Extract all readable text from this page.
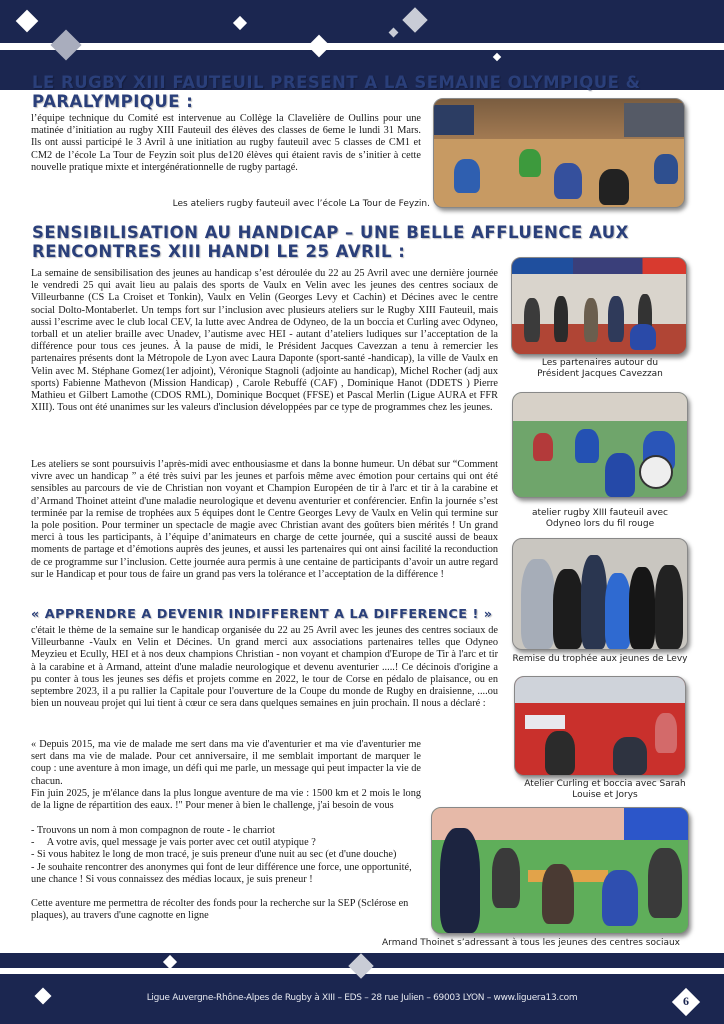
LE RUGBY XIII FAUTEUIL PRESENT A LA SEMAINE OLYMPIQUE &
PARALYMPIQUE :

l’équipe technique du Comité est intervenue au Collège la Clavelière de Oullins pour une matinée d’initiation au rugby XIII Fauteuil des élèves des classes de 6eme le lundi 31 Mars. Ils ont aussi participé le 3 Avril à une initiation au rugby fauteuil avec 5 classes de CM1 et CM2 de l’école La Tour de Feyzin soit plus de120 élèves qui étaient ravis de s’initier à cette nouvelle pratique mixte et intergénérationnelle de rugby partagé.

Les ateliers rugby fauteuil avec l’école La Tour de Feyzin.
SENSIBILISATION AU HANDICAP – UNE BELLE AFFLUENCE AUX
RENCONTRES XIII HANDI LE 25 AVRIL :

La semaine de sensibilisation des jeunes au handicap s’est déroulée du 22 au 25 Avril avec une dernière journée le vendredi 25 qui avait lieu au palais des sports de Vaulx en Velin avec les jeunes des centres sociaux de Villeurbanne (CS La Croiset et Tonkin), Vaulx en Velin (Georges Levy et Cachin) et Décines avec le centre social Dolto-Montaberlet. Un temps fort sur l’inclusion avec plusieurs ateliers sur le Rugby XIII Fauteuil, mais aussi l’escrime avec le club local CEV, la lutte avec Andrea de Odyneo, de la un boccia et Curling avec Odyneo, torball et un atelier braille avec Unadev, l’autisme avec HEI - autant d’ateliers ludiques sur l’acceptation de la différence pour tous ces jeunes. À la pause de midi, le Président Jacques Cavezzan a tenu à remercier les partenaires présents dont la Métropole de Lyon avec Laura Daponte (sport-santé -handicap), la ville de Vaulx en Velin avec M. Stéphane Gomez(1er adjoint), Véronique Stagnoli (adjointe au handicap), Michel Rocher (adj aux sports) Fabienne Mathevon (Mission Handicap) , Carole Rebuffé (CAF) , Dominique Hanot (DDETS ) Pierre Mathieu et Gilbert Lamothe (CDOS RML), Dominique Bocquet (FFSE) et Pascal Merlin (Ligue AURA et FFR XIII). Tous ont été unanimes sur les valeurs d'inclusion développées par ce type de programmes chez les jeunes.

Les ateliers se sont poursuivis l’après-midi avec enthousiasme et dans la bonne humeur. Un débat sur “Comment vivre avec un handicap ” a été très suivi par les jeunes et parfois même avec émotion pour certains qui ont été sensibles au parcours de vie de Christian non voyant et Champion Européen de tir à l'arc et tir à la carabine et d’Armand Thoinet atteint d'une maladie neurologique et devenu aventurier et conférencier. Enfin la journée s’est terminée par la remise de trophées aux 5 équipes dont le Centre Georges Levy de Vaulx en Velin qui termine sur la pole position. Pour terminer un spectacle de magie avec Christian avant des goûters bien mérités ! Un grand merci à tous les participants, à l’équipe d’animateurs en charge de cette journée, qui a suscité aussi de beaux moments de partage et d’émotions auprès des jeunes, et aussi les partenaires qui ont ainsi facilité la reconduction de ce programme sur l’inclusion. Cette journée aura permis à une centaine de participants d’avoir un autre regard sur le Handicap et pour tous de faire un grand pas vers la tolérance et l’acceptation de la différence !

« APPRENDRE A DEVENIR INDIFFERENT A LA DIFFERENCE ! »

c'était le thème de la semaine sur le handicap organisée du 22 au 25 Avril avec les jeunes des centres sociaux de Villeurbanne -Vaulx en Velin et Décines. Un grand merci aux associations partenaires telles que Odyneo Meyzieu et Ecully, HEI et à nos deux champions Christian - non voyant et champion d'Europe de Tir à l'arc et tir à la carabine et à Armand, atteint d'une maladie neurologique et devenu aventurier .....! Ce décinois d'origine a pu conter à tous les jeunes ses défis et projets comme en 2022, le tour de Corse en pédalo de plaisance, ou en septembre 2023, il a pu rallier la Capitale pour l'ouverture de la Coupe du monde de Rugby en draisienne, ....ou bien un nouveau projet qui lui tient à cœur ce sera dans quelques semaines en juin prochain. Il nous a déclaré :

« Depuis 2015, ma vie de malade me sert dans ma vie d'aventurier et ma vie d'aventurier me sert dans ma vie de malade. Pour cet anniversaire, il me semblait important de marquer le coup : une aventure à mon image, un défi qui me parle, un message qui peut impacter la vie de chacun.

Fin juin 2025, je m'élance dans la plus longue aventure de ma vie : 1500 km et 2 mois le long de la ligne de répartition des eaux. !" Pour mener à bien le challenge, j'ai besoin de vous

- Trouvons un nom à mon compagnon de route - le charriot
-     A votre avis, quel message je vais porter avec cet outil atypique ?
- Si vous habitez le long de mon tracé, je suis preneur d'une nuit au sec (et d'une douche)
- Je souhaite rencontrer des anonymes qui font de leur différence une force, une opportunité, une chance ! Si vous connaissez des médias locaux, je suis preneur !

Cette aventure me permettra de récolter des fonds pour la recherche sur la SEP (Sclérose en plaques), au travers d'une cagnotte en ligne

Les partenaires autour du Président Jacques Cavezzan
atelier rugby XIII fauteuil avec Odyneo lors du fil rouge
Remise du trophée aux jeunes de Levy
Atelier Curling et boccia avec Sarah Louise et Jorys
Armand Thoinet s’adressant à tous les jeunes des centres sociaux
Ligue Auvergne-Rhône-Alpes de Rugby à XIII – EDS – 28 rue Julien – 69003 LYON – www.liguera13.com	6
